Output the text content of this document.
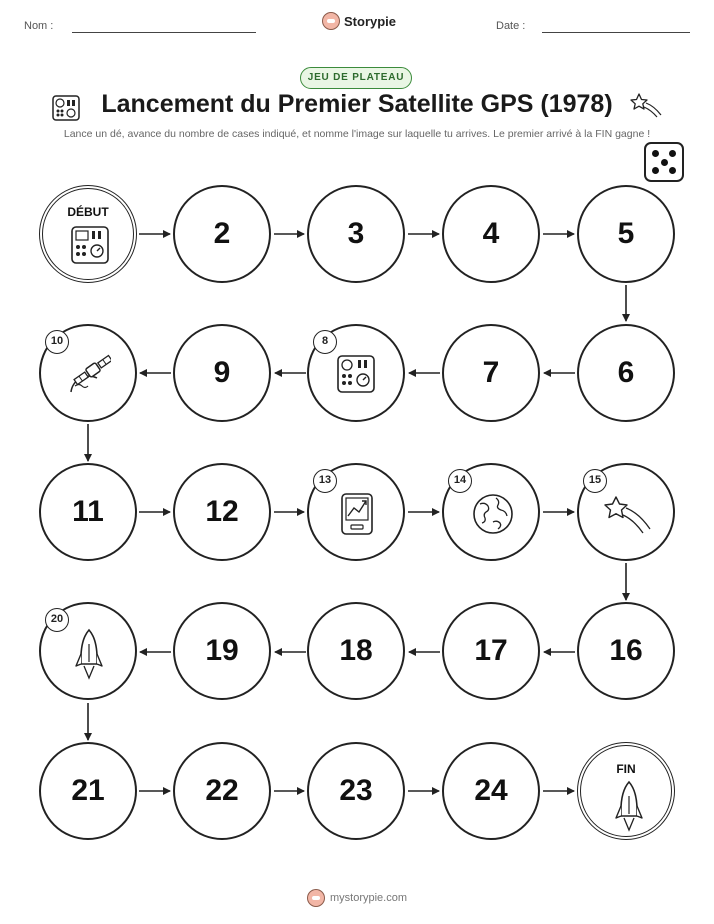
Nom :	Storypie	Date :
JEU DE PLATEAU
Lancement du Premier Satellite GPS (1978)
Lance un dé, avance du nombre de cases indiqué, et nomme l'image sur laquelle tu arrives. Le premier arrivé à la FIN gagne !
DÉBUT
2	3	4	5
10
9
8
7	6
11	12
13	14	15
20
19	18	17	16
21	22	23	24
FIN
mystorypie.com
